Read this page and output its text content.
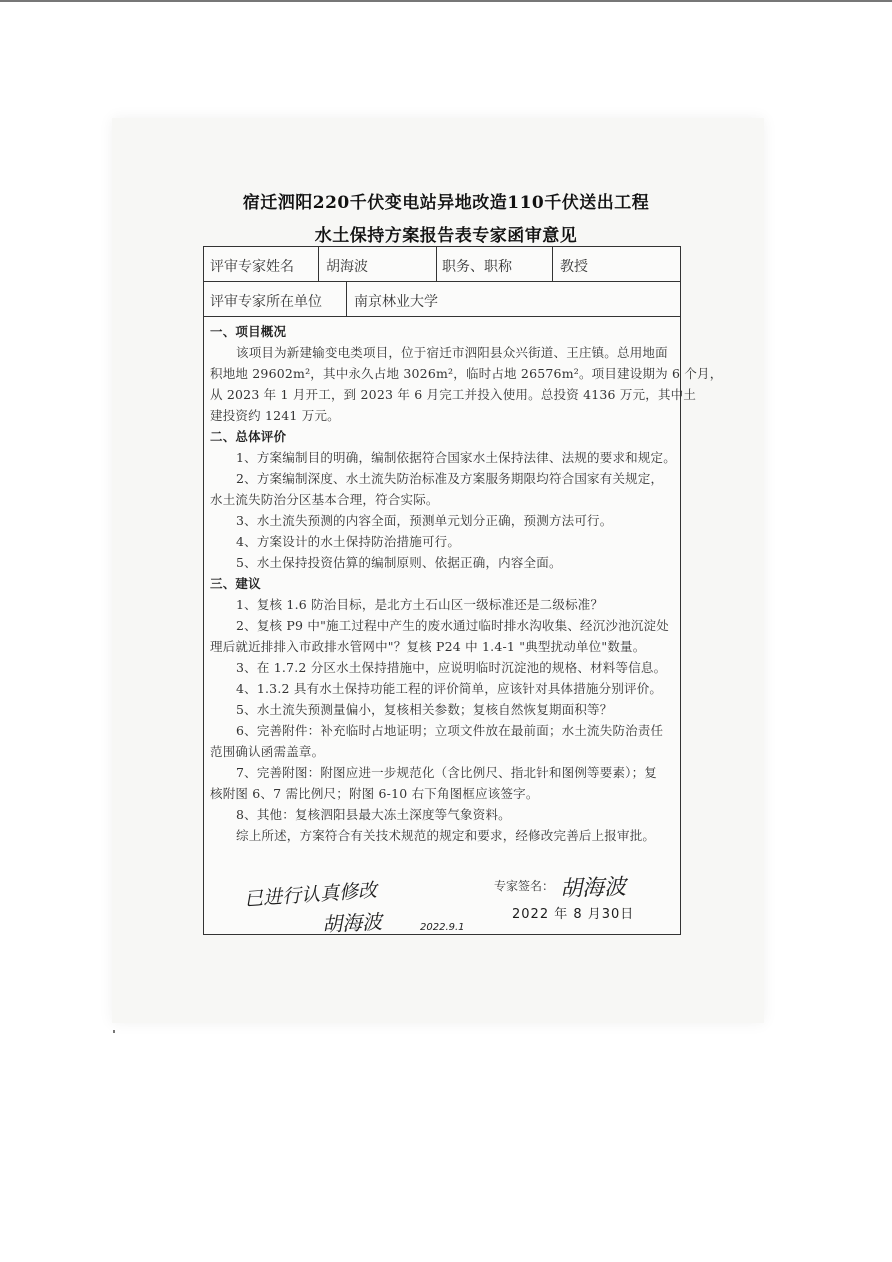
宿迁泗阳220千伏变电站异地改造110千伏送出工程
水土保持方案报告表专家函审意见
评审专家姓名 胡海波	职务、职称	教授
评审专家所在单位 南京林业大学
一、项目概况
该项目为新建输变电类项目，位于宿迁市泗阳县众兴街道、王庄镇。总用地面
积地地 29602m²，其中永久占地 3026m²，临时占地 26576m²。项目建设期为 6 个月，
从 2023 年 1 月开工，到 2023 年 6 月完工并投入使用。总投资 4136 万元，其中土
建投资约 1241 万元。
二、总体评价
1、方案编制目的明确，编制依据符合国家水土保持法律、法规的要求和规定。
2、方案编制深度、水土流失防治标准及方案服务期限均符合国家有关规定，
水土流失防治分区基本合理，符合实际。
3、水土流失预测的内容全面，预测单元划分正确，预测方法可行。
4、方案设计的水土保持防治措施可行。
5、水土保持投资估算的编制原则、依据正确，内容全面。
三、建议
1、复核 1.6 防治目标，是北方土石山区一级标准还是二级标准？
2、复核 P9 中"施工过程中产生的废水通过临时排水沟收集、经沉沙池沉淀处
理后就近排排入市政排水管网中"？复核 P24 中 1.4-1 "典型扰动单位"数量。
3、在 1.7.2 分区水土保持措施中，应说明临时沉淀池的规格、材料等信息。
4、1.3.2 具有水土保持功能工程的评价简单，应该针对具体措施分别评价。
5、水土流失预测量偏小，复核相关参数；复核自然恢复期面积等？
6、完善附件：补充临时占地证明；立项文件放在最前面；水土流失防治责任
范围确认函需盖章。
7、完善附图：附图应进一步规范化（含比例尺、指北针和图例等要素）；复
核附图 6、7 需比例尺；附图 6-10 右下角图框应该签字。
8、其他：复核泗阳县最大冻土深度等气象资料。
综上所述，方案符合有关技术规范的规定和要求，经修改完善后上报审批。
已进行认真修改
胡海波	2022.9.1
专家签名： 胡海波
2022 年 8 月30日
